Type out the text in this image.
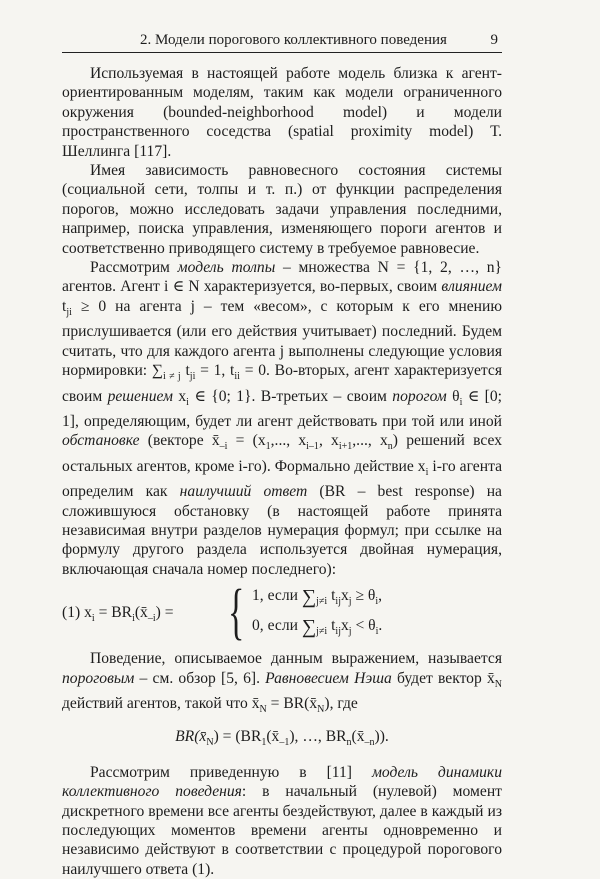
2. Модели порогового коллективного поведения	9

Используемая в настоящей работе модель близка к агент-ориентированным моделям, таким как модели ограниченного окружения (bounded-neighborhood model) и модели пространственного соседства (spatial proximity model) Т. Шеллинга [117].

Имея зависимость равновесного состояния системы (социальной сети, толпы и т. п.) от функции распределения порогов, можно исследовать задачи управления последними, например, поиска управления, изменяющего пороги агентов и соответственно приводящего систему в требуемое равновесие.

Рассмотрим модель толпы – множества N = {1, 2, …, n} агентов. Агент i ∈ N характеризуется, во-первых, своим влиянием $t_{ji} \ge 0$ на агента j – тем «весом», с которым к его мнению прислушивается (или его действия учитывает) последний. Будем считать, что для каждого агента j выполнены следующие условия нормировки: $\sum_{i \ne j}$ $t_{ji} = 1$, $t_{ii} = 0$. Во-вторых, агент характеризуется своим решением $x_i$ ∈ {0; 1}. В-третьих – своим порогом $\theta_i$ ∈ [0; 1], определяющим, будет ли агент действовать при той или иной обстановке (векторе $x̄_{-i} = (x_1$,..., $x_{i-1}$, $x_{i+1}$,..., $x_n$) решений всех остальных агентов, кроме i-го). Формально действие $x_i$ i-го агента определим как наилучший ответ (BR – best response) на сложившуюся обстановку (в настоящей работе принята независимая внутри разделов нумерация формул; при ссылке на формулу другого раздела используется двойная нумерация, включающая сначала номер последнего):

(1) $x_i$ = $BR_i(x̄_{-i})$ = { 1, если $\sum_{j\ne i}$ $t_{ij}x_j \ge \theta_i$,
0, если $\sum_{j\ne i}$ $t_{ij}x_j < \theta_i$.

Поведение, описываемое данным выражением, называется пороговым – см. обзор [5, 6]. Равновесием Нэша будет вектор $x̄_N$ действий агентов, такой что $x̄_N$ = $BR(x̄_N)$, где

$BR(x̄_N)$ = ($BR_1(x̄_{-1})$, …, $BR_n(x̄_{-n})$).

Рассмотрим приведенную в [11] модель динамики коллективного поведения: в начальный (нулевой) момент дискретного времени все агенты бездействуют, далее в каждый из последующих моментов времени агенты одновременно и независимо действуют в соответствии с процедурой порогового наилучшего ответа (1).
